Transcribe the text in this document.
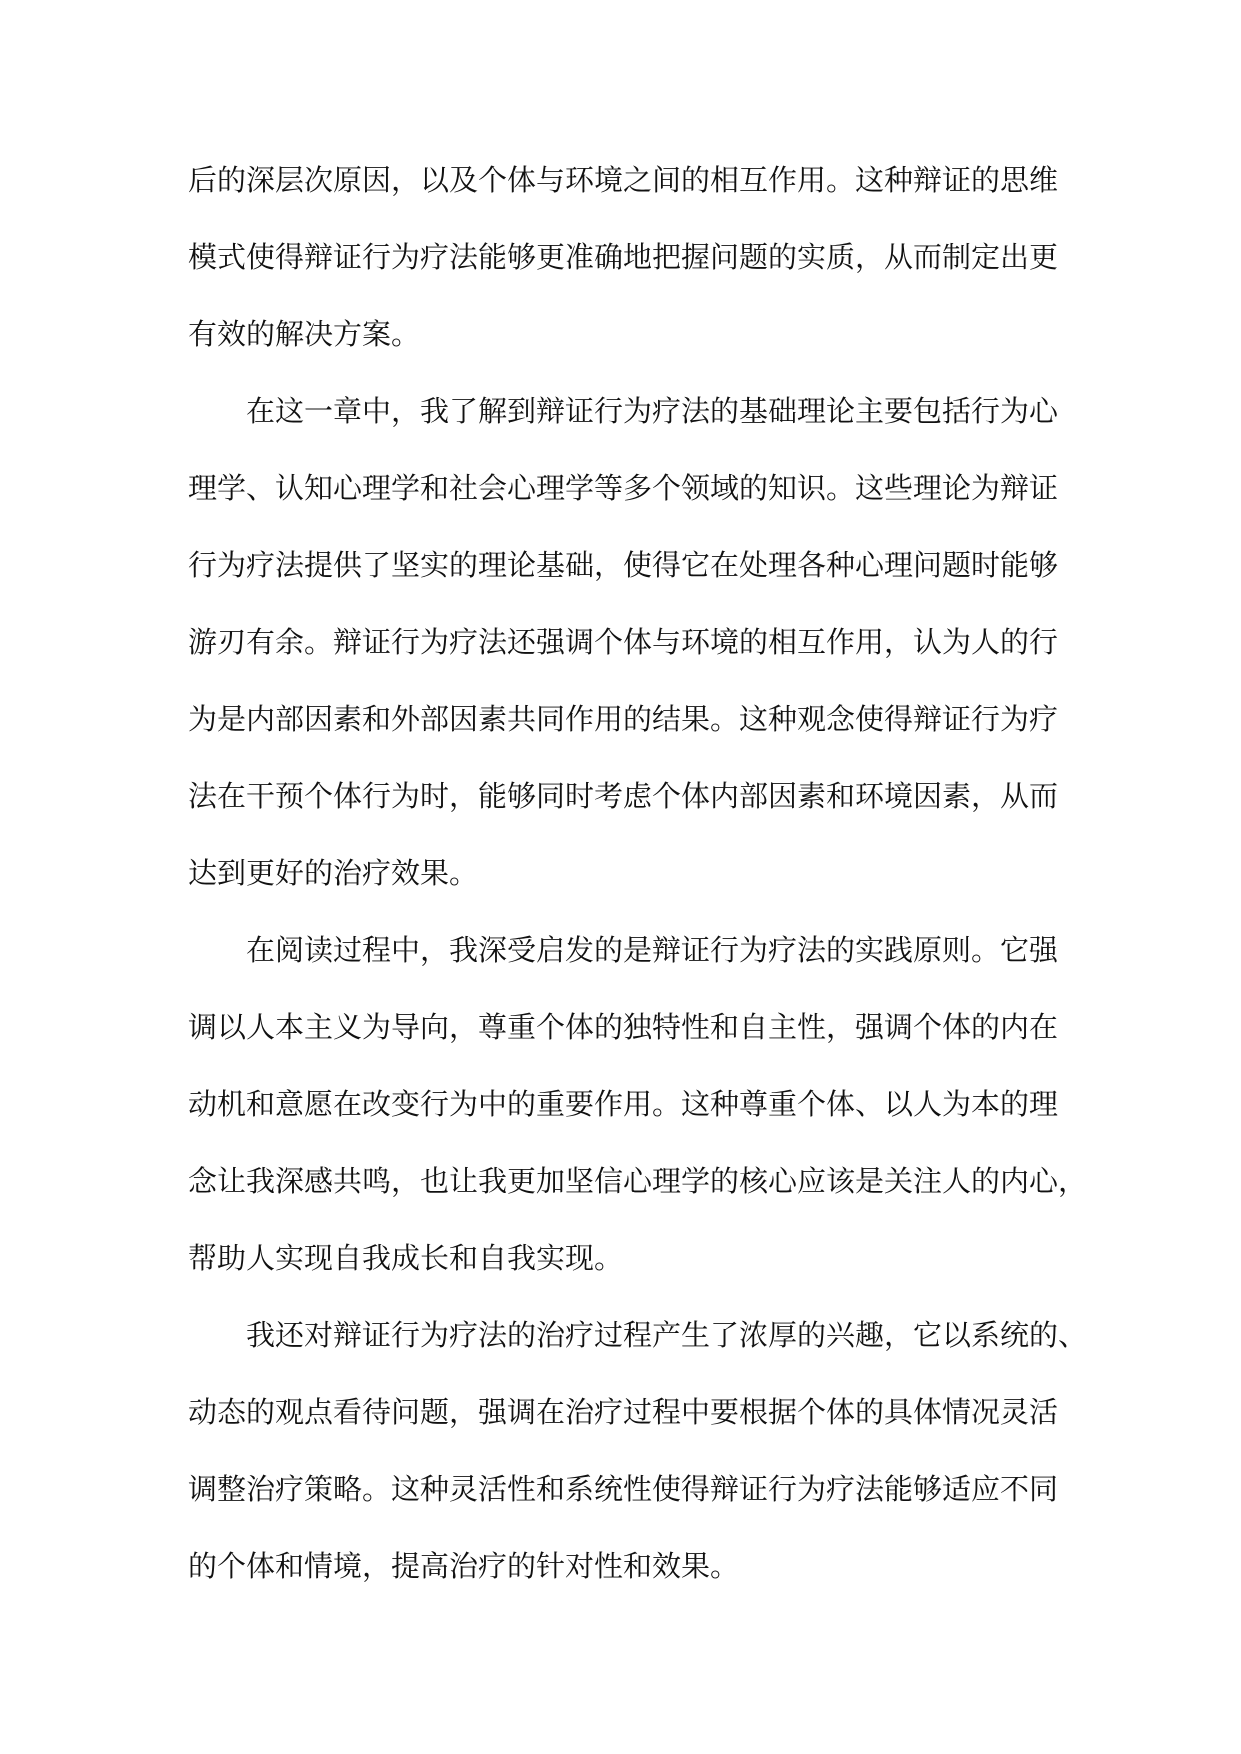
后的深层次原因，以及个体与环境之间的相互作用。这种辩证的思维
模式使得辩证行为疗法能够更准确地把握问题的实质，从而制定出更
有效的解决方案。
在这一章中，我了解到辩证行为疗法的基础理论主要包括行为心
理学、认知心理学和社会心理学等多个领域的知识。这些理论为辩证
行为疗法提供了坚实的理论基础，使得它在处理各种心理问题时能够
游刃有余。辩证行为疗法还强调个体与环境的相互作用，认为人的行
为是内部因素和外部因素共同作用的结果。这种观念使得辩证行为疗
法在干预个体行为时，能够同时考虑个体内部因素和环境因素，从而
达到更好的治疗效果。
在阅读过程中，我深受启发的是辩证行为疗法的实践原则。它强
调以人本主义为导向，尊重个体的独特性和自主性，强调个体的内在
动机和意愿在改变行为中的重要作用。这种尊重个体、以人为本的理
念让我深感共鸣，也让我更加坚信心理学的核心应该是关注人的内心，
帮助人实现自我成长和自我实现。
我还对辩证行为疗法的治疗过程产生了浓厚的兴趣，它以系统的、
动态的观点看待问题，强调在治疗过程中要根据个体的具体情况灵活
调整治疗策略。这种灵活性和系统性使得辩证行为疗法能够适应不同
的个体和情境，提高治疗的针对性和效果。
